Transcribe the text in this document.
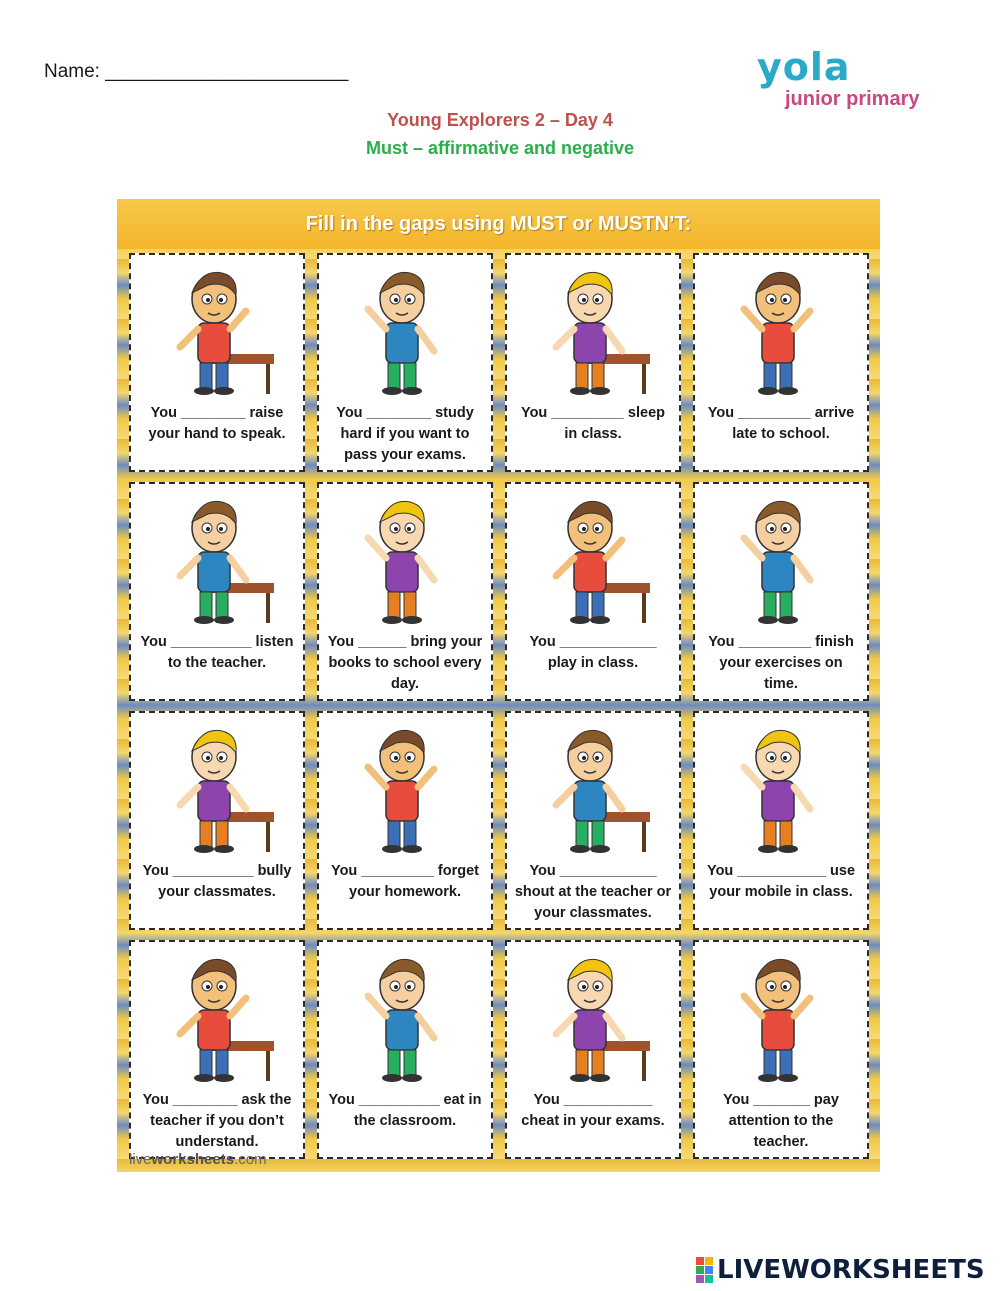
Name: _______________________	yola
junior primary
Young Explorers 2 – Day 4
Must – affirmative and negative
Fill in the gaps using MUST or MUSTN’T:
You ________ raise your hand to speak.
You ________ study hard if you want to pass your exams.
You _________ sleep in class.
You _________ arrive late to school.
You __________ listen to the teacher.
You ______ bring your books to school every day.
You ____________ play in class.
You _________ finish your exercises on time.
You __________ bully your classmates.
You _________ forget your homework.
You ____________ shout at the teacher or your classmates.
You ___________ use your mobile in class.
You ________ ask the teacher if you don’t understand.
You __________ eat in the classroom.
You ___________ cheat in your exams.
You _______ pay attention to the teacher.
liveworksheets.com
LIVEWORKSHEETS
